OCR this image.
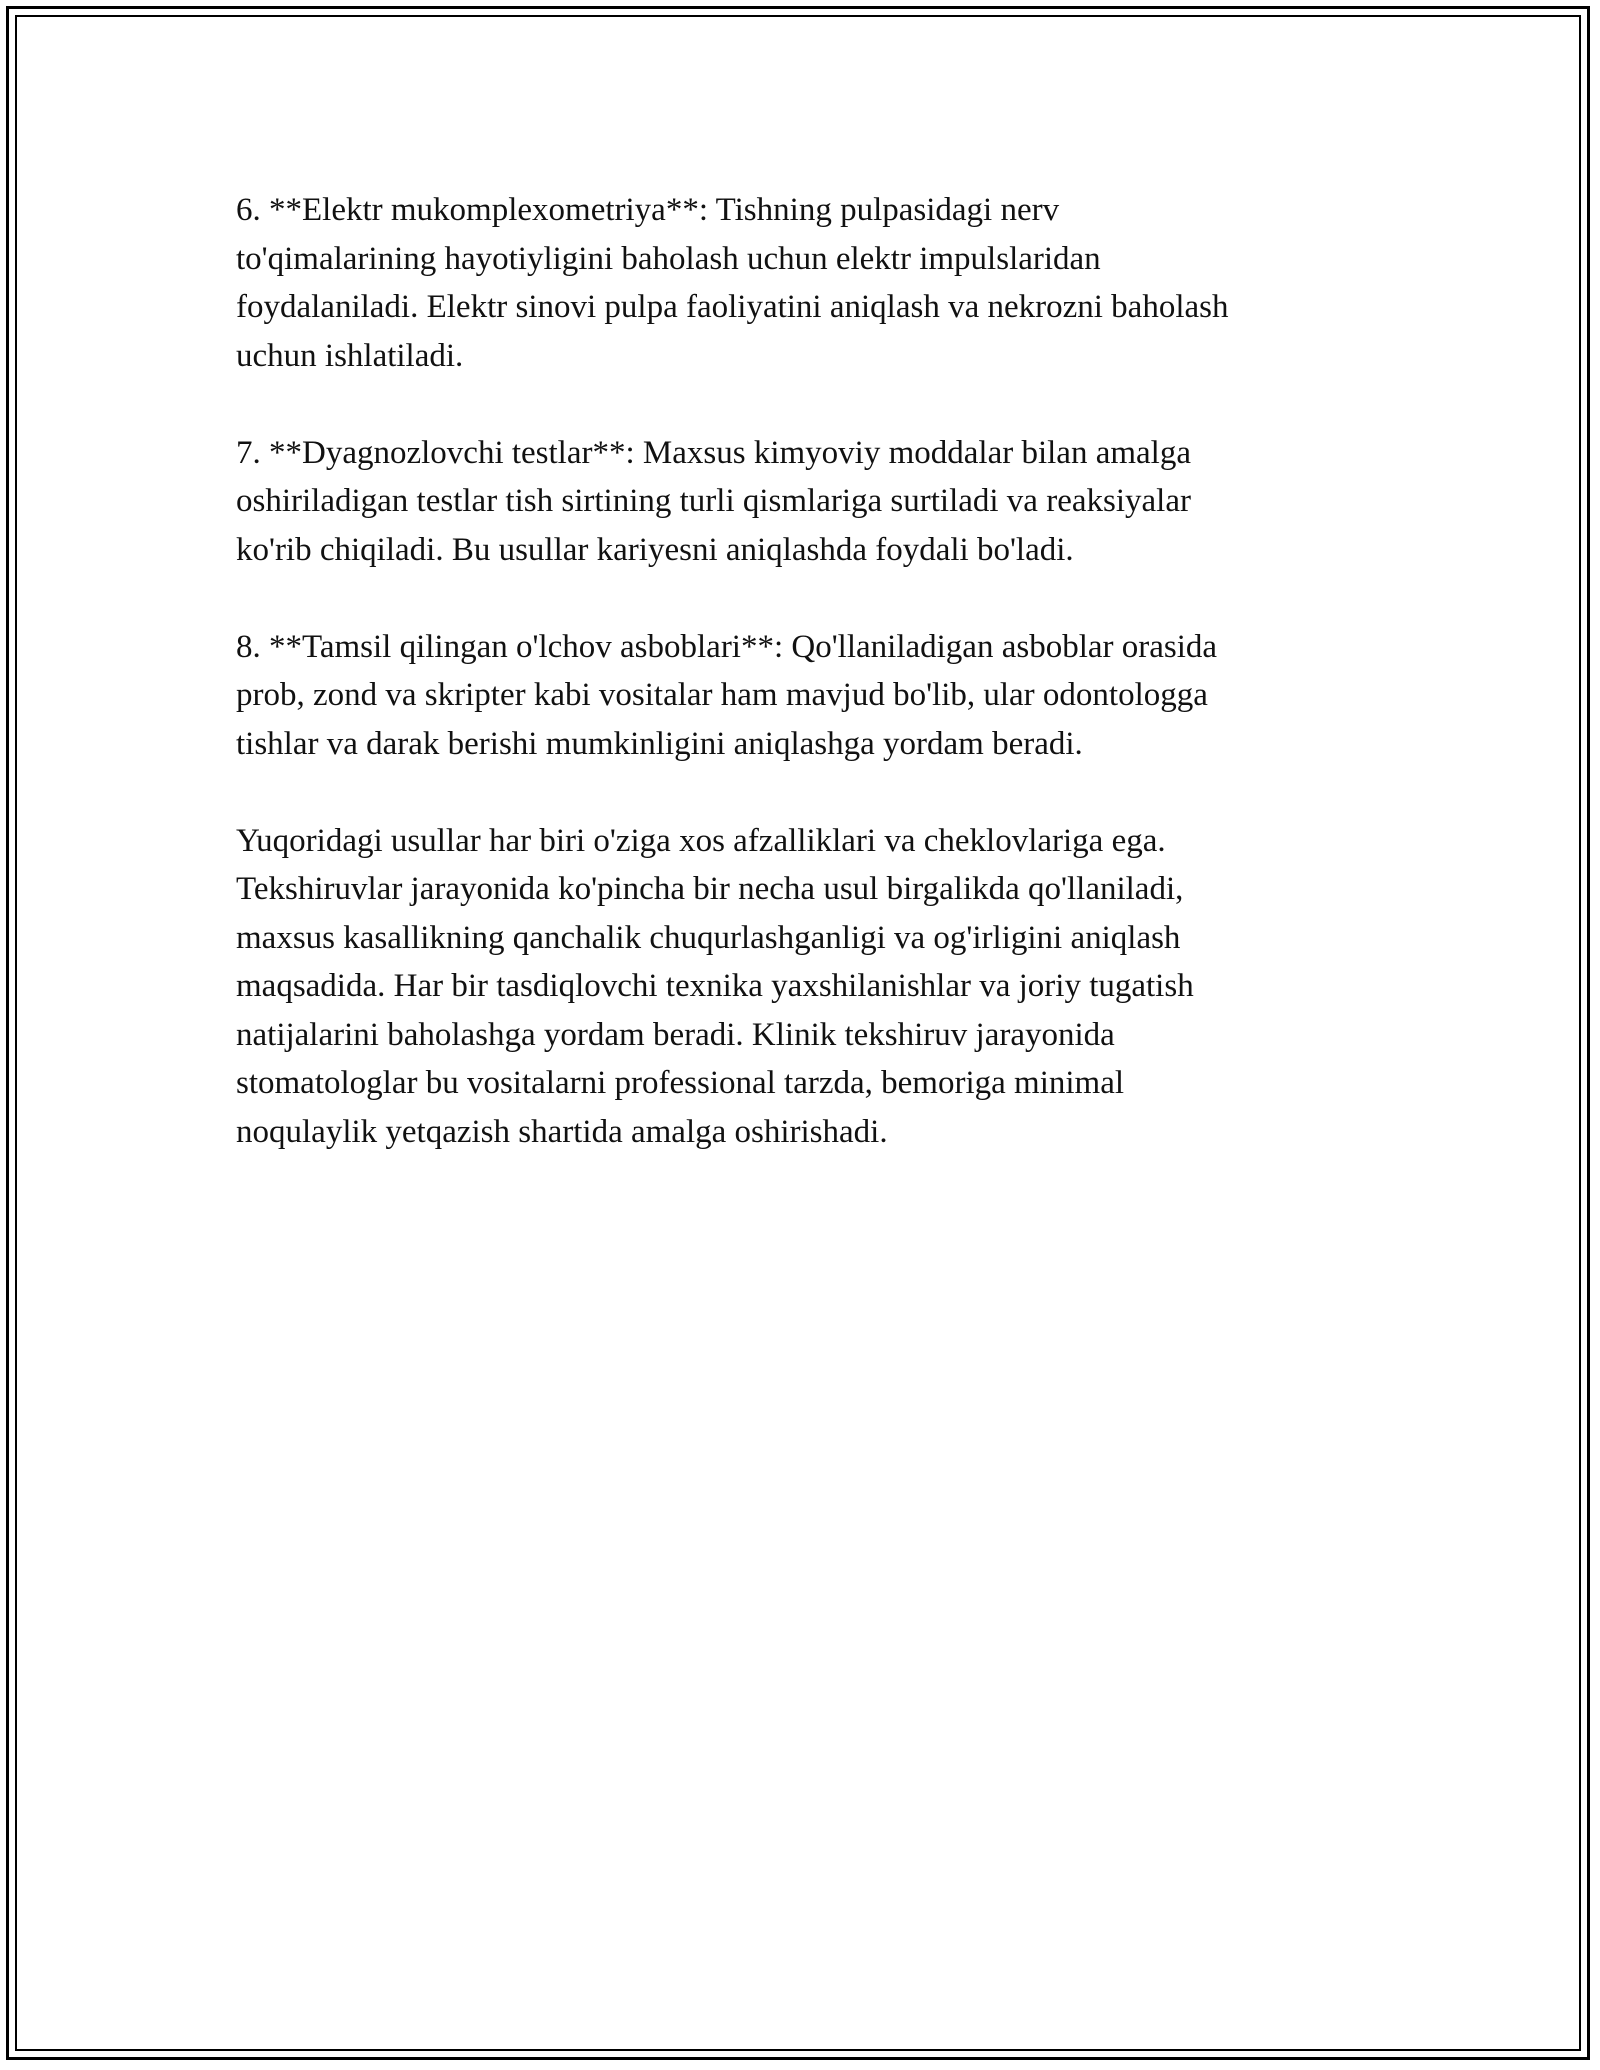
6. **Elektr mukomplexometriya**: Tishning pulpasidagi nerv
to'qimalarining hayotiyligini baholash uchun elektr impulslaridan
foydalaniladi. Elektr sinovi pulpa faoliyatini aniqlash va nekrozni baholash
uchun ishlatiladi.

7. **Dyagnozlovchi testlar**: Maxsus kimyoviy moddalar bilan amalga
oshiriladigan testlar tish sirtining turli qismlariga surtiladi va reaksiyalar
ko'rib chiqiladi. Bu usullar kariyesni aniqlashda foydali bo'ladi.

8. **Tamsil qilingan o'lchov asboblari**: Qo'llaniladigan asboblar orasida
prob, zond va skripter kabi vositalar ham mavjud bo'lib, ular odontologga
tishlar va darak berishi mumkinligini aniqlashga yordam beradi.

Yuqoridagi usullar har biri o'ziga xos afzalliklari va cheklovlariga ega.
Tekshiruvlar jarayonida ko'pincha bir necha usul birgalikda qo'llaniladi,
maxsus kasallikning qanchalik chuqurlashganligi va og'irligini aniqlash
maqsadida. Har bir tasdiqlovchi texnika yaxshilanishlar va joriy tugatish
natijalarini baholashga yordam beradi. Klinik tekshiruv jarayonida
stomatologlar bu vositalarni professional tarzda, bemoriga minimal
noqulaylik yetqazish shartida amalga oshirishadi.
